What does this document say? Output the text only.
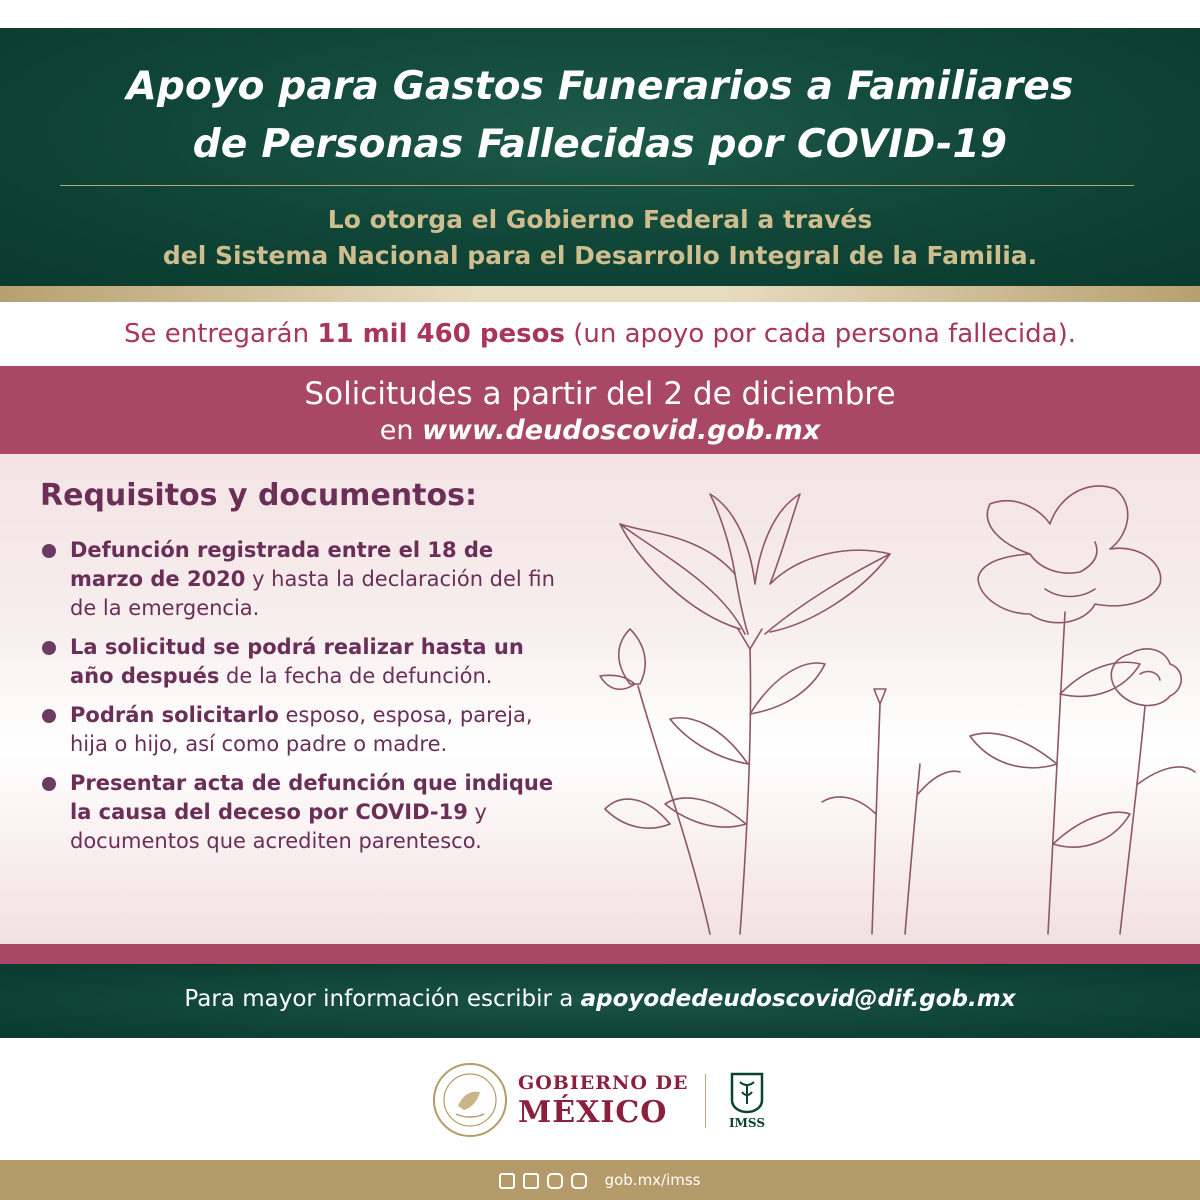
Apoyo para Gastos Funerarios a Familiares
de Personas Fallecidas por COVID-19
Lo otorga el Gobierno Federal a través
del Sistema Nacional para el Desarrollo Integral de la Familia.
Se entregarán 11 mil 460 pesos (un apoyo por cada persona fallecida).
Solicitudes a partir del 2 de diciembre
en www.deudoscovid.gob.mx
Requisitos y documentos:
Defunción registrada entre el 18 de marzo de 2020 y hasta la declaración del fin de la emergencia.
La solicitud se podrá realizar hasta un año después de la fecha de defunción.
Podrán solicitarlo esposo, esposa, pareja, hija o hijo, así como padre o madre.
Presentar acta de defunción que indique la causa del deceso por COVID-19 y documentos que acrediten parentesco.
Para mayor información escribir a apoyodedeudoscovid@dif.gob.mx
GOBIERNO DE
MÉXICO	IMSS
gob.mx/imss
